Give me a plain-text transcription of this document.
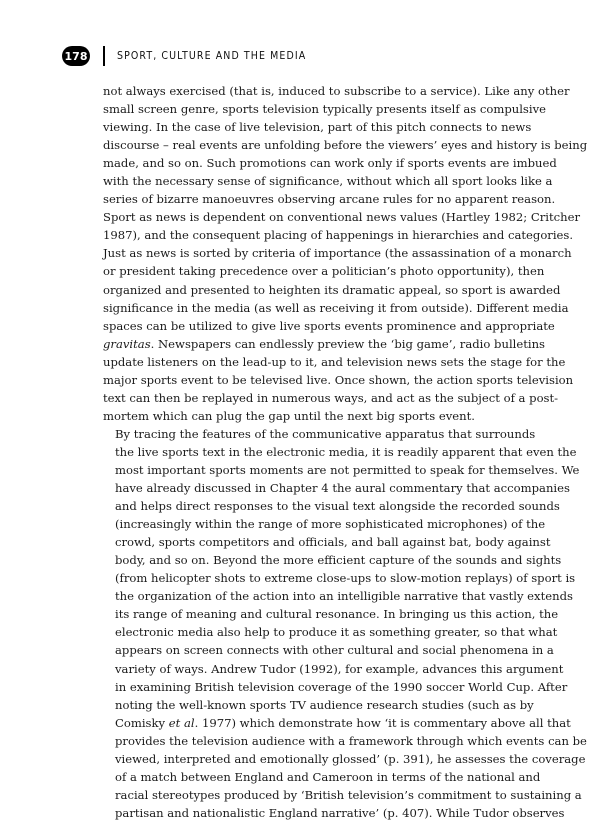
178	SPORT, CULTURE AND THE MEDIA

not always exercised (that is, induced to subscribe to a service). Like any other
small screen genre, sports television typically presents itself as compulsive
viewing. In the case of live television, part of this pitch connects to news
discourse – real events are unfolding before the viewers’ eyes and history is being
made, and so on. Such promotions can work only if sports events are imbued
with the necessary sense of significance, without which all sport looks like a
series of bizarre manoeuvres observing arcane rules for no apparent reason.
Sport as news is dependent on conventional news values (Hartley 1982; Critcher
1987), and the consequent placing of happenings in hierarchies and categories.
Just as news is sorted by criteria of importance (the assassination of a monarch
or president taking precedence over a politician’s photo opportunity), then
organized and presented to heighten its dramatic appeal, so sport is awarded
significance in the media (as well as receiving it from outside). Different media
spaces can be utilized to give live sports events prominence and appropriate
gravitas. Newspapers can endlessly preview the ‘big game’, radio bulletins
update listeners on the lead-up to it, and television news sets the stage for the
major sports event to be televised live. Once shown, the action sports television
text can then be replayed in numerous ways, and act as the subject of a post-
mortem which can plug the gap until the next big sports event.

By tracing the features of the communicative apparatus that surrounds
the live sports text in the electronic media, it is readily apparent that even the
most important sports moments are not permitted to speak for themselves. We
have already discussed in Chapter 4 the aural commentary that accompanies
and helps direct responses to the visual text alongside the recorded sounds
(increasingly within the range of more sophisticated microphones) of the
crowd, sports competitors and officials, and ball against bat, body against
body, and so on. Beyond the more efficient capture of the sounds and sights
(from helicopter shots to extreme close-ups to slow-motion replays) of sport is
the organization of the action into an intelligible narrative that vastly extends
its range of meaning and cultural resonance. In bringing us this action, the
electronic media also help to produce it as something greater, so that what
appears on screen connects with other cultural and social phenomena in a
variety of ways. Andrew Tudor (1992), for example, advances this argument
in examining British television coverage of the 1990 soccer World Cup. After
noting the well-known sports TV audience research studies (such as by
Comisky et al. 1977) which demonstrate how ‘it is commentary above all that
provides the television audience with a framework through which events can be
viewed, interpreted and emotionally glossed’ (p. 391), he assesses the coverage
of a match between England and Cameroon in terms of the national and
racial stereotypes produced by ‘British television’s commitment to sustaining a
partisan and nationalistic England narrative’ (p. 407). While Tudor observes
